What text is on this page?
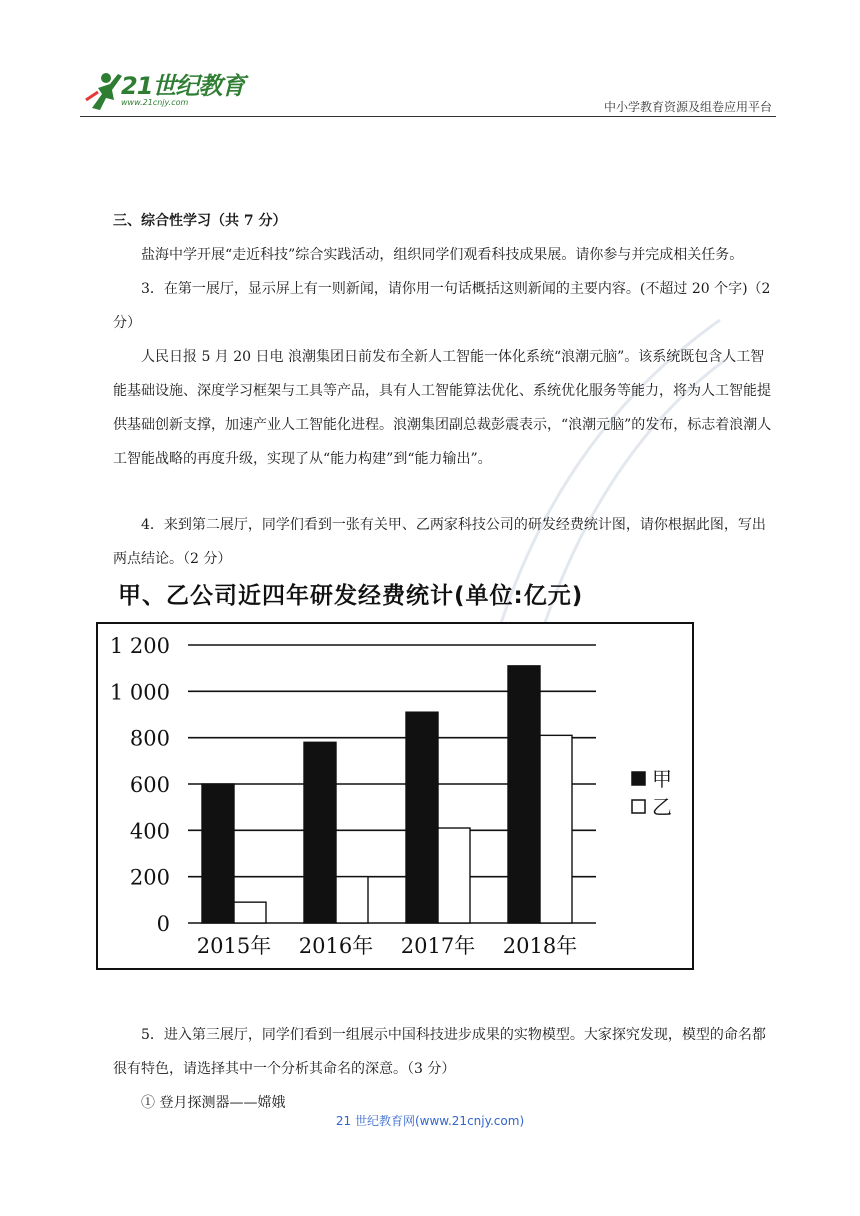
21世纪教育
www.21cnjy.com	中小学教育资源及组卷应用平台
三、综合性学习（共 7 分）
盐海中学开展“走近科技”综合实践活动，组织同学们观看科技成果展。请你参与并完成相关任务。
3．在第一展厅，显示屏上有一则新闻，请你用一句话概括这则新闻的主要内容。(不超过 20 个字)（2 分）
人民日报 5 月 20 日电 浪潮集团日前发布全新人工智能一体化系统“浪潮元脑”。该系统既包含人工智能基础设施、深度学习框架与工具等产品，具有人工智能算法优化、系统优化服务等能力，将为人工智能提供基础创新支撑，加速产业人工智能化进程。浪潮集团副总裁彭震表示，“浪潮元脑”的发布，标志着浪潮人工智能战略的再度升级，实现了从“能力构建”到“能力输出”。
4．来到第二展厅，同学们看到一张有关甲、乙两家科技公司的研发经费统计图，请你根据此图，写出两点结论。（2 分）
甲、乙公司近四年研发经费统计(单位:亿元)
1 200
1 000
800
600
400
200
0
2015年 2016年 2017年 2018年
甲
乙
5．进入第三展厅，同学们看到一组展示中国科技进步成果的实物模型。大家探究发现，模型的命名都很有特色，请选择其中一个分析其命名的深意。（3 分）
① 登月探测器——嫦娥
21 世纪教育网(www.21cnjy.com)
